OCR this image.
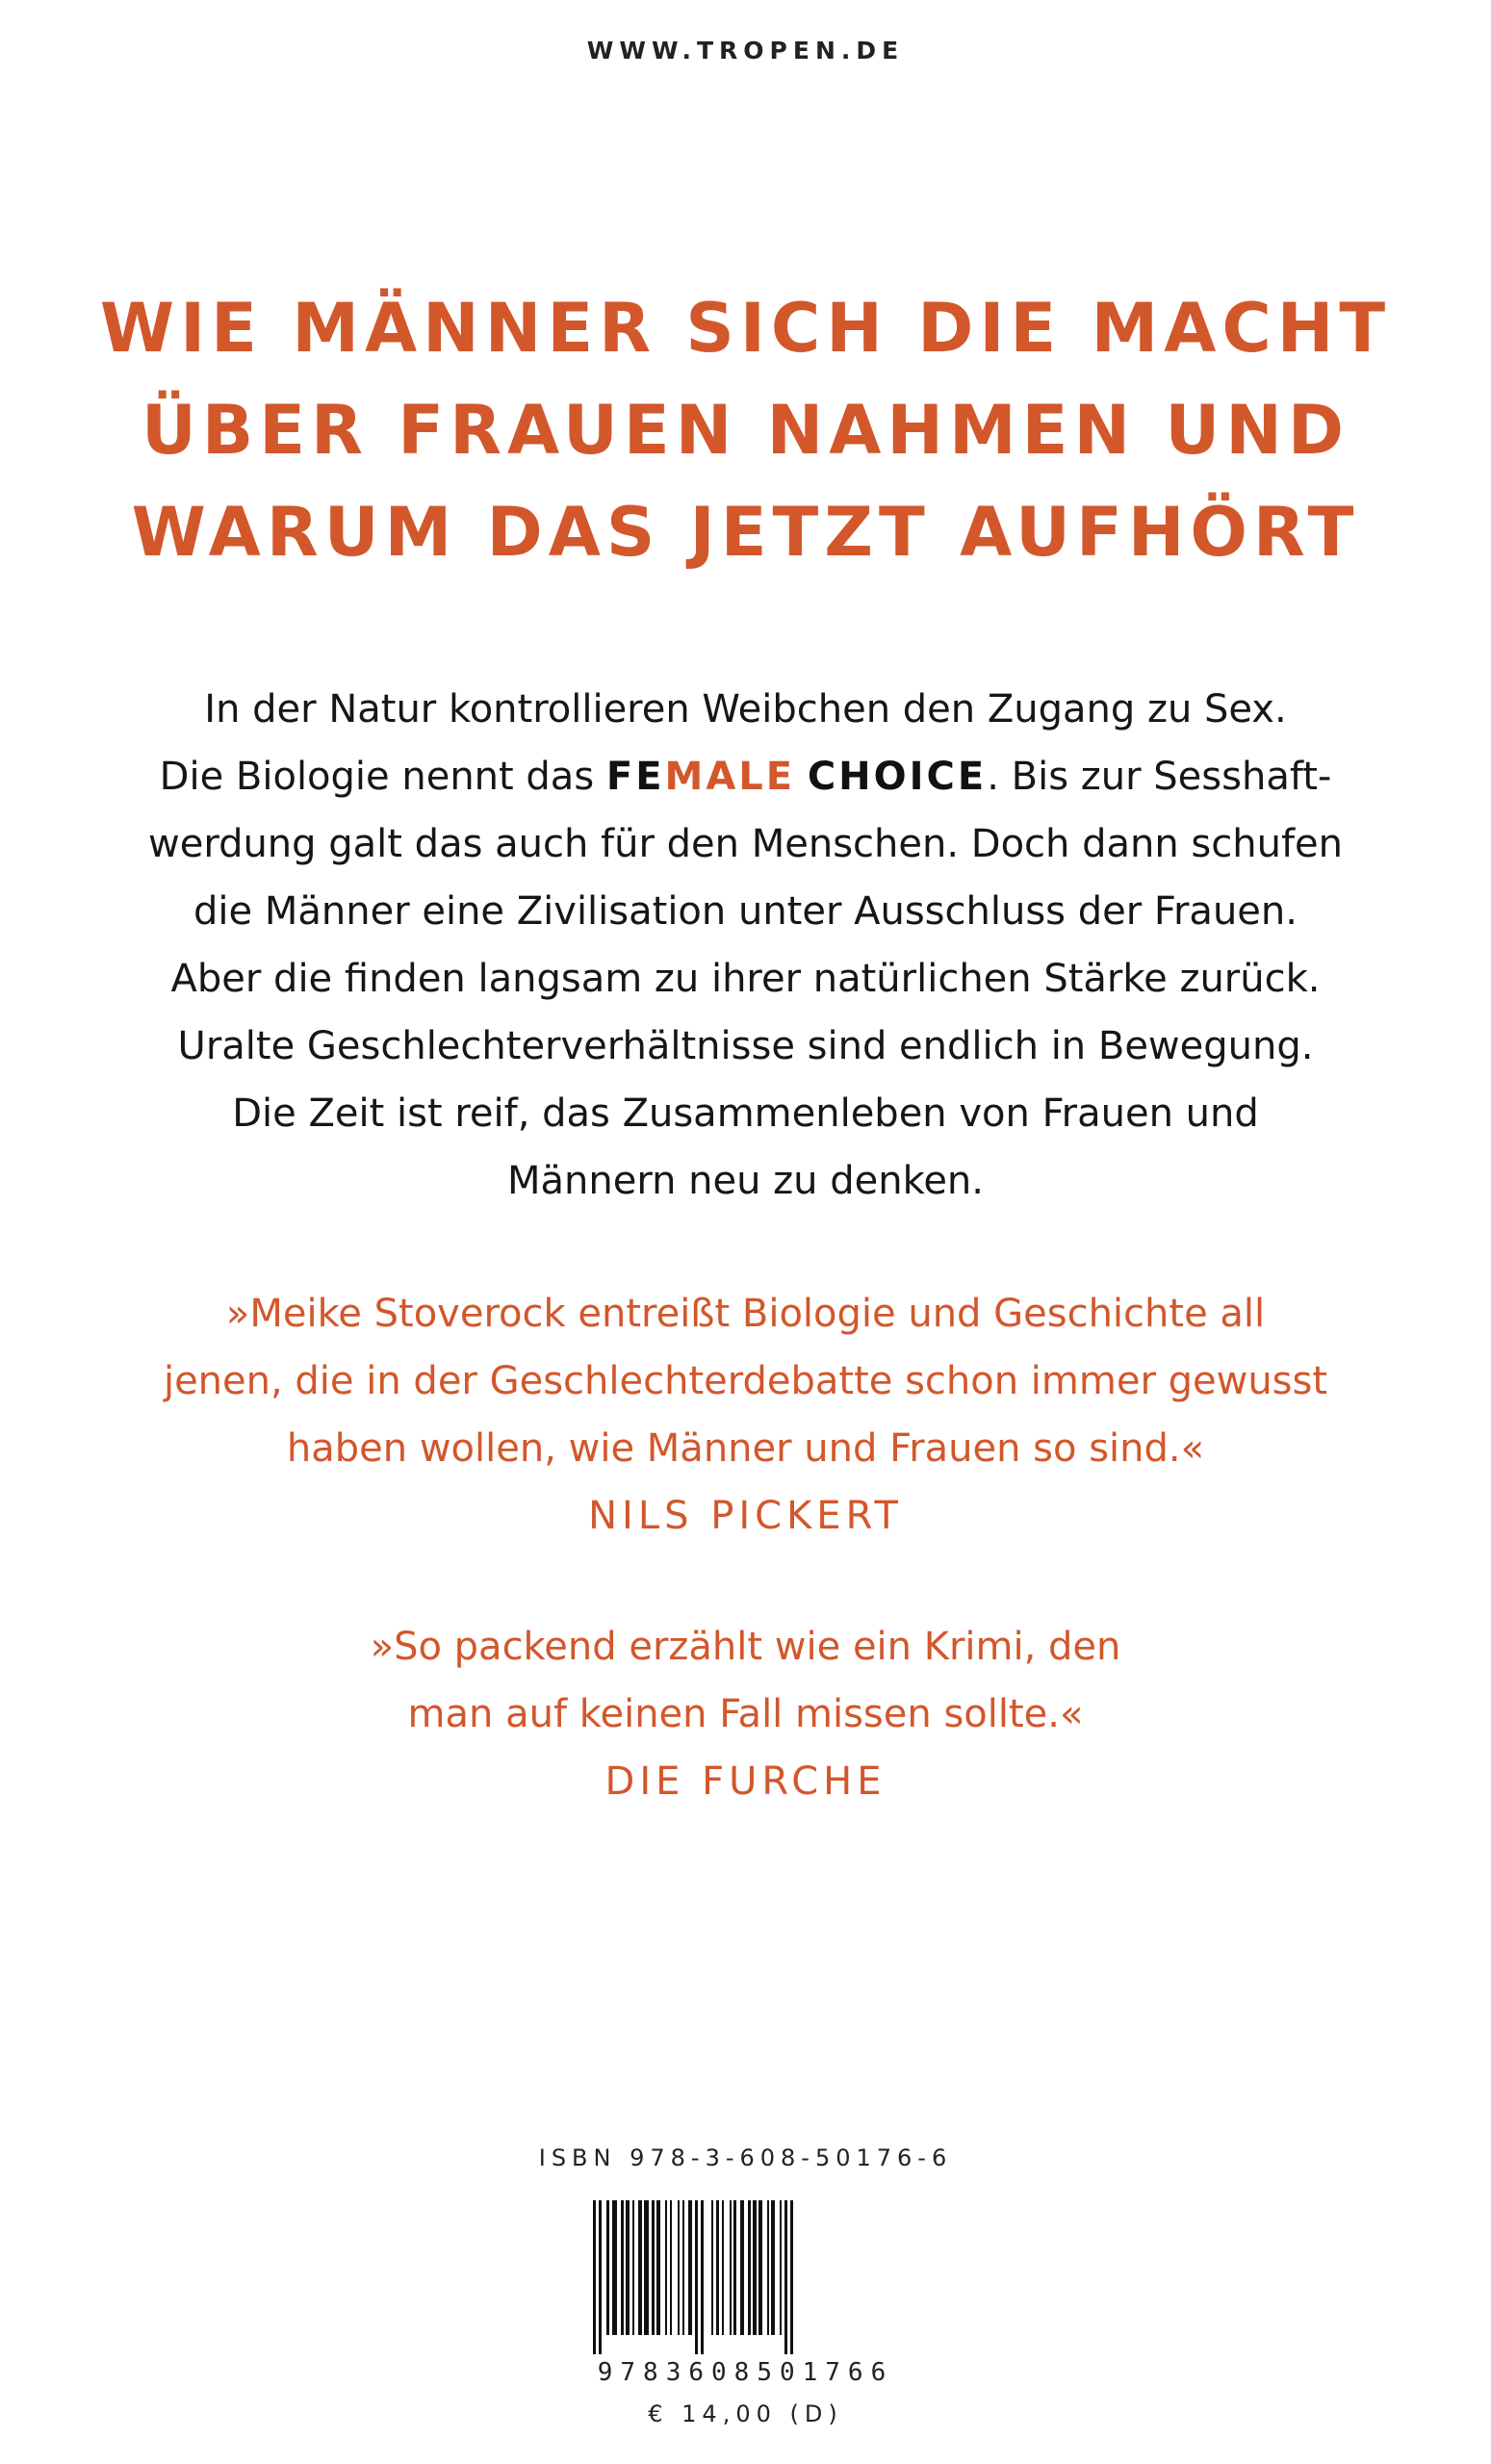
WWW.TROPEN.DE
WIE MÄNNER SICH DIE MACHT
ÜBER FRAUEN NAHMEN UND
WARUM DAS JETZT AUFHÖRT
In der Natur kontrollieren Weibchen den Zugang zu Sex.
Die Biologie nennt das FEMALE CHOICE. Bis zur Sesshaft-
werdung galt das auch für den Menschen. Doch dann schufen
die Männer eine Zivilisation unter Ausschluss der Frauen.
Aber die finden langsam zu ihrer natürlichen Stärke zurück.
Uralte Geschlechterverhältnisse sind endlich in Bewegung.
Die Zeit ist reif, das Zusammenleben von Frauen und
Männern neu zu denken.
»Meike Stoverock entreißt Biologie und Geschichte all
jenen, die in der Geschlechterdebatte schon immer gewusst
haben wollen, wie Männer und Frauen so sind.«
NILS PICKERT
»So packend erzählt wie ein Krimi, den
man auf keinen Fall missen sollte.«
DIE FURCHE
ISBN 978-3-608-50176-6
9783608501766
€ 14,00 (D)
